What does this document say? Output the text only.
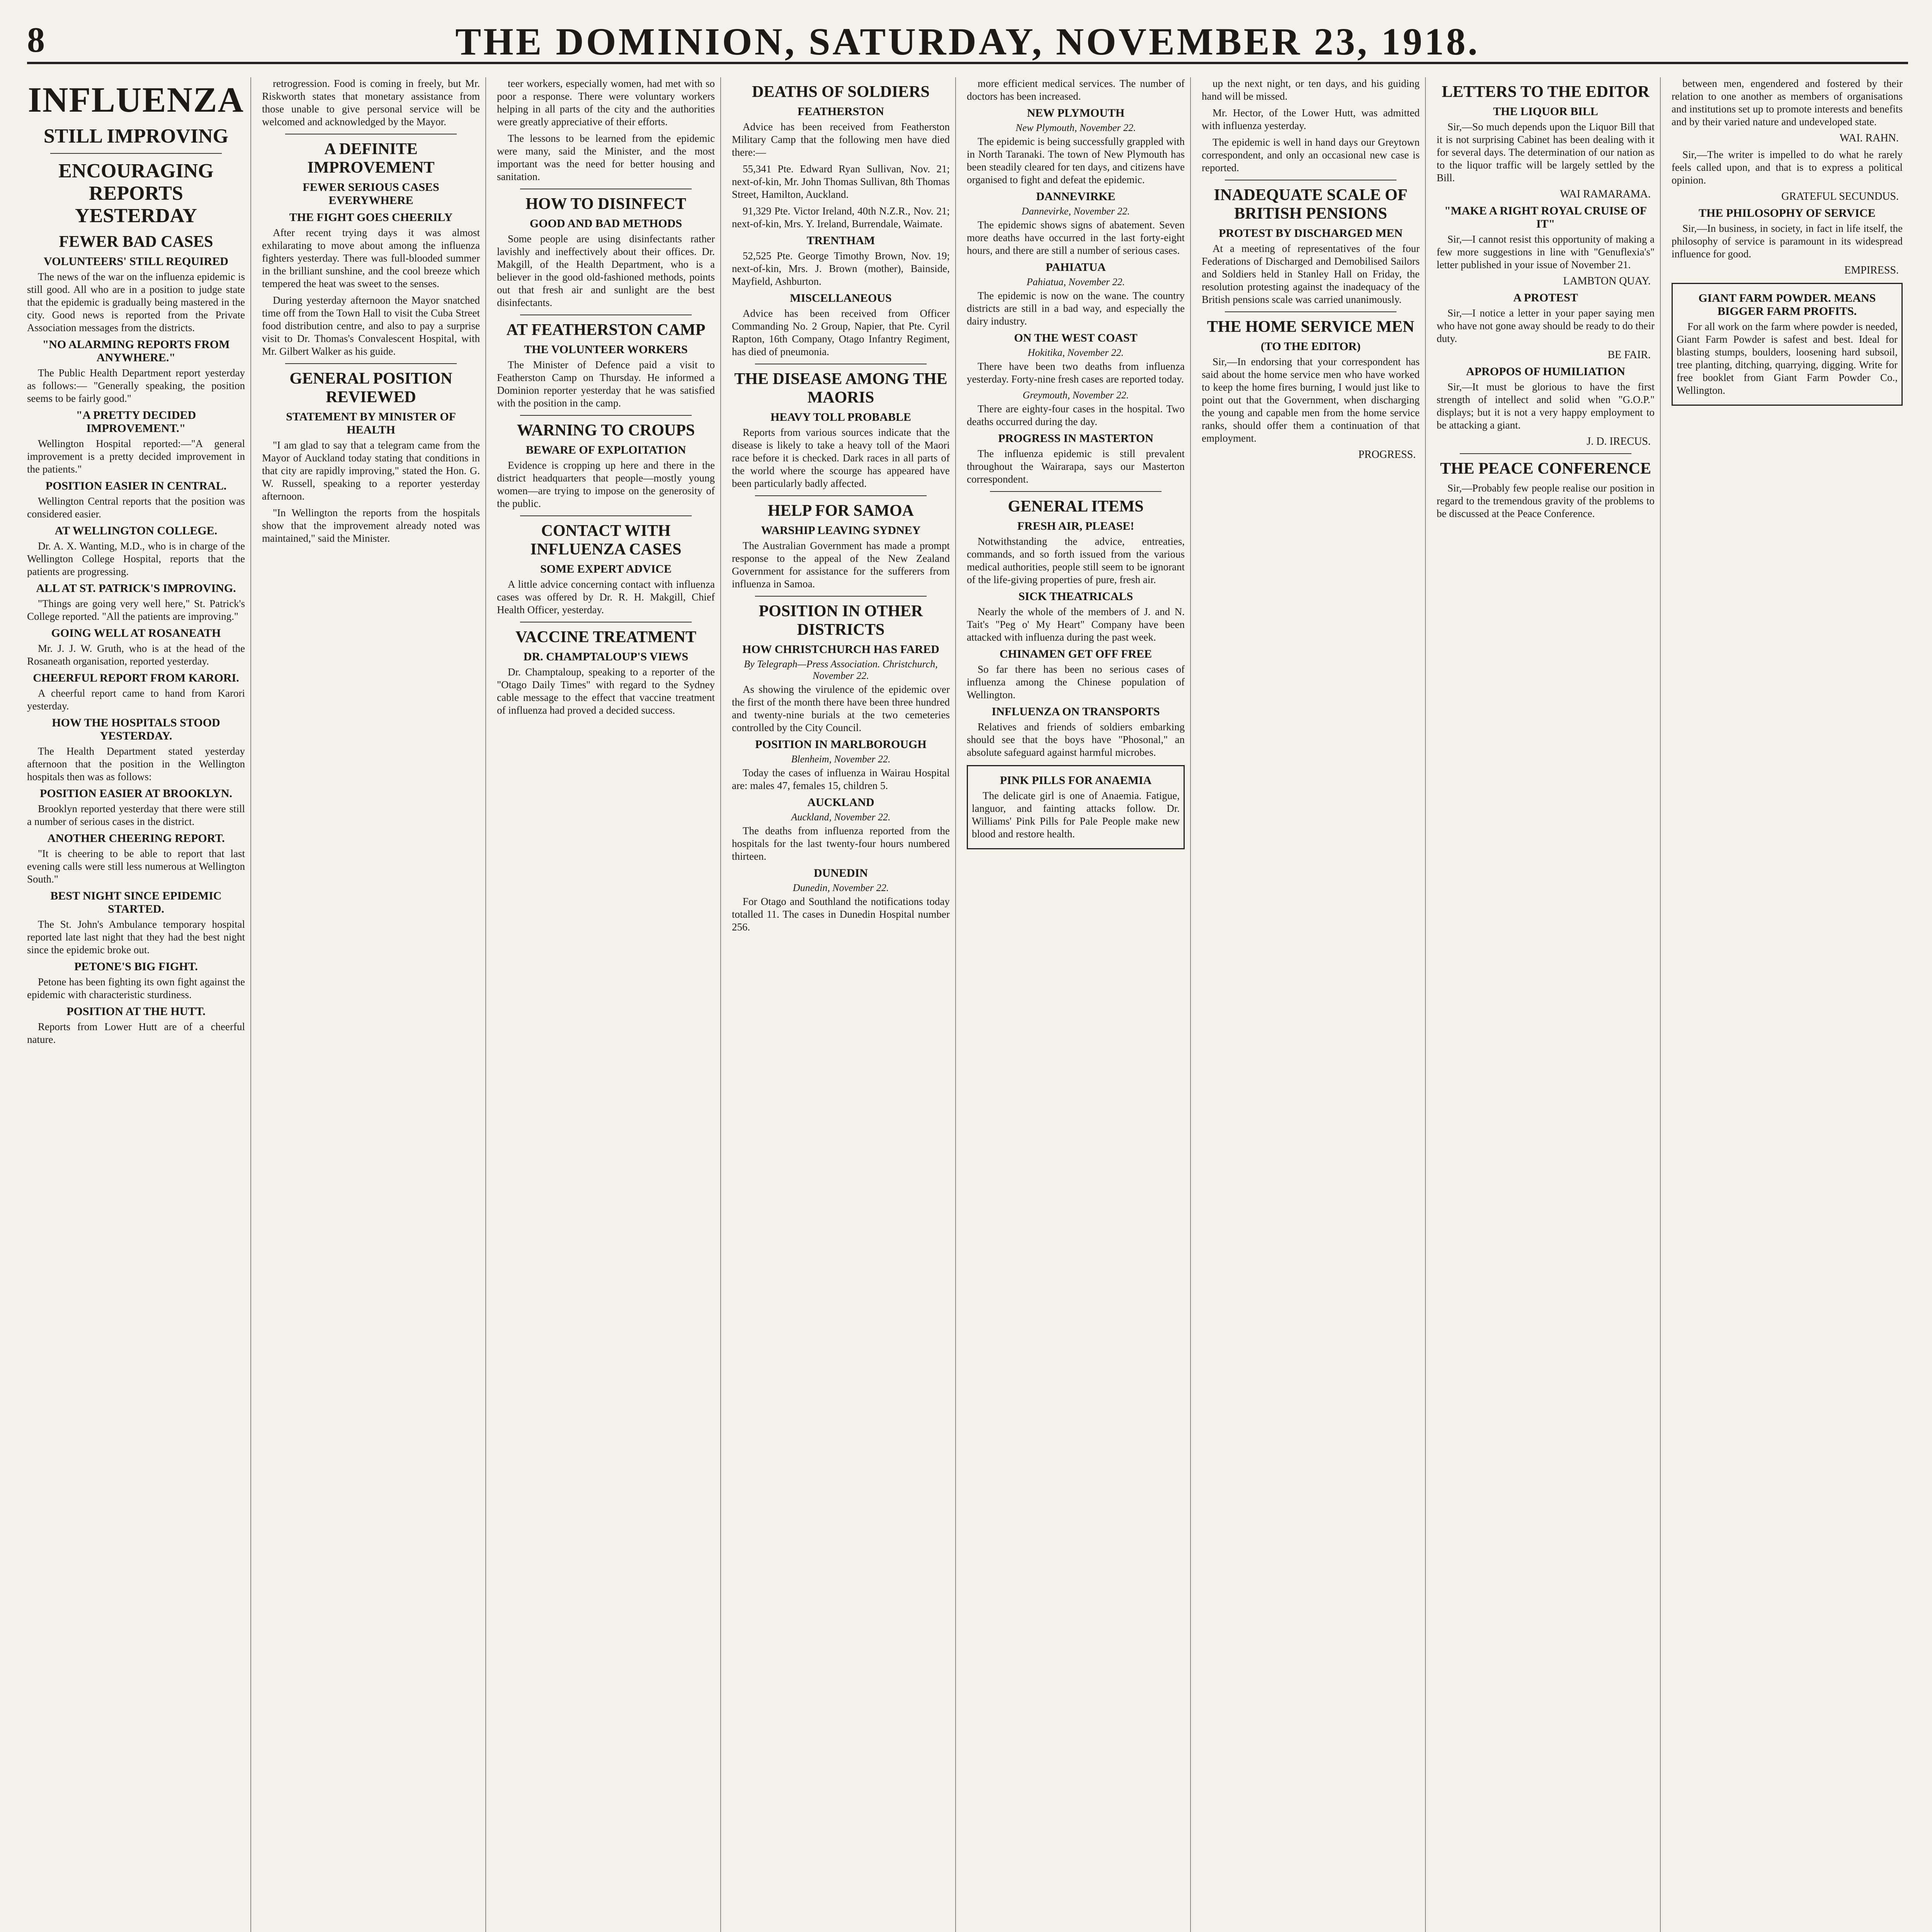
8	THE DOMINION, SATURDAY, NOVEMBER 23, 1918.
INFLUENZA
STILL IMPROVING
ENCOURAGING REPORTS YESTERDAY
FEWER BAD CASES
VOLUNTEERS' STILL REQUIRED

The news of the war on the influenza epidemic is still good. All who are in a position to judge state that the epidemic is gradually being mastered in the city. Good news is reported from the Private Association messages from the districts.

"NO ALARMING REPORTS FROM ANYWHERE."

The Public Health Department report yesterday as follows:— "Generally speaking, the position seems to be fairly good."

"A PRETTY DECIDED IMPROVEMENT."

Wellington Hospital reported:—"A general improvement is a pretty decided improvement in the patients."

POSITION EASIER IN CENTRAL.

Wellington Central reports that the position was considered easier.

AT WELLINGTON COLLEGE.

Dr. A. X. Wanting, M.D., who is in charge of the Wellington College Hospital, reports that the patients are progressing.

ALL AT ST. PATRICK'S IMPROVING.

"Things are going very well here," St. Patrick's College reported. "All the patients are improving."

GOING WELL AT ROSANEATH

Mr. J. J. W. Gruth, who is at the head of the Rosaneath organisation, reported yesterday.

CHEERFUL REPORT FROM KARORI.

A cheerful report came to hand from Karori yesterday.

HOW THE HOSPITALS STOOD YESTERDAY.

The Health Department stated yesterday afternoon that the position in the Wellington hospitals then was as follows:

POSITION EASIER AT BROOKLYN.

Brooklyn reported yesterday that there were still a number of serious cases in the district.

ANOTHER CHEERING REPORT.

"It is cheering to be able to report that last evening calls were still less numerous at Wellington South."

BEST NIGHT SINCE EPIDEMIC STARTED.

The St. John's Ambulance temporary hospital reported late last night that they had the best night since the epidemic broke out.

PETONE'S BIG FIGHT.

Petone has been fighting its own fight against the epidemic with characteristic sturdiness.

POSITION AT THE HUTT.

Reports from Lower Hutt are of a cheerful nature.

retrogression. Food is coming in freely, but Mr. Riskworth states that monetary assistance from those unable to give personal service will be welcomed and acknowledged by the Mayor.

A DEFINITE IMPROVEMENT
FEWER SERIOUS CASES EVERYWHERE
THE FIGHT GOES CHEERILY

After recent trying days it was almost exhilarating to move about among the influenza fighters yesterday. There was full-blooded summer in the brilliant sunshine, and the cool breeze which tempered the heat was sweet to the senses.

During yesterday afternoon the Mayor snatched time off from the Town Hall to visit the Cuba Street food distribution centre, and also to pay a surprise visit to Dr. Thomas's Convalescent Hospital, with Mr. Gilbert Walker as his guide.

GENERAL POSITION REVIEWED
STATEMENT BY MINISTER OF HEALTH

"I am glad to say that a telegram came from the Mayor of Auckland today stating that conditions in that city are rapidly improving," stated the Hon. G. W. Russell, speaking to a reporter yesterday afternoon.

"In Wellington the reports from the hospitals show that the improvement already noted was maintained," said the Minister.

teer workers, especially women, had met with so poor a response. There were voluntary workers helping in all parts of the city and the authorities were greatly appreciative of their efforts.

The lessons to be learned from the epidemic were many, said the Minister, and the most important was the need for better housing and sanitation.

HOW TO DISINFECT
GOOD AND BAD METHODS

Some people are using disinfectants rather lavishly and ineffectively about their offices. Dr. Makgill, of the Health Department, who is a believer in the good old-fashioned methods, points out that fresh air and sunlight are the best disinfectants.

AT FEATHERSTON CAMP
THE VOLUNTEER WORKERS

The Minister of Defence paid a visit to Featherston Camp on Thursday. He informed a Dominion reporter yesterday that he was satisfied with the position in the camp.

WARNING TO CROUPS
BEWARE OF EXPLOITATION

Evidence is cropping up here and there in the district headquarters that people—mostly young women—are trying to impose on the generosity of the public.

CONTACT WITH INFLUENZA CASES
SOME EXPERT ADVICE

A little advice concerning contact with influenza cases was offered by Dr. R. H. Makgill, Chief Health Officer, yesterday.

VACCINE TREATMENT
DR. CHAMPTALOUP'S VIEWS

Dr. Champtaloup, speaking to a reporter of the "Otago Daily Times" with regard to the Sydney cable message to the effect that vaccine treatment of influenza had proved a decided success.

DEATHS OF SOLDIERS
FEATHERSTON

Advice has been received from Featherston Military Camp that the following men have died there:—

55,341 Pte. Edward Ryan Sullivan, Nov. 21; next-of-kin, Mr. John Thomas Sullivan, 8th Thomas Street, Hamilton, Auckland.

91,329 Pte. Victor Ireland, 40th N.Z.R., Nov. 21; next-of-kin, Mrs. Y. Ireland, Burrendale, Waimate.

TRENTHAM

52,525 Pte. George Timothy Brown, Nov. 19; next-of-kin, Mrs. J. Brown (mother), Bainside, Mayfield, Ashburton.

MISCELLANEOUS

Advice has been received from Officer Commanding No. 2 Group, Napier, that Pte. Cyril Rapton, 16th Company, Otago Infantry Regiment, has died of pneumonia.

THE DISEASE AMONG THE MAORIS
HEAVY TOLL PROBABLE

Reports from various sources indicate that the disease is likely to take a heavy toll of the Maori race before it is checked. Dark races in all parts of the world where the scourge has appeared have been particularly badly affected.

HELP FOR SAMOA
WARSHIP LEAVING SYDNEY

The Australian Government has made a prompt response to the appeal of the New Zealand Government for assistance for the sufferers from influenza in Samoa.

POSITION IN OTHER DISTRICTS
HOW CHRISTCHURCH HAS FARED
By Telegraph—Press Association. Christchurch, November 22.

As showing the virulence of the epidemic over the first of the month there have been three hundred and twenty-nine burials at the two cemeteries controlled by the City Council.

POSITION IN MARLBOROUGH
Blenheim, November 22.

Today the cases of influenza in Wairau Hospital are: males 47, females 15, children 5.

AUCKLAND
Auckland, November 22.

The deaths from influenza reported from the hospitals for the last twenty-four hours numbered thirteen.

DUNEDIN
Dunedin, November 22.

For Otago and Southland the notifications today totalled 11. The cases in Dunedin Hospital number 256.

more efficient medical services. The number of doctors has been increased.

NEW PLYMOUTH
New Plymouth, November 22.

The epidemic is being successfully grappled with in North Taranaki. The town of New Plymouth has been steadily cleared for ten days, and citizens have organised to fight and defeat the epidemic.

DANNEVIRKE
Dannevirke, November 22.

The epidemic shows signs of abatement. Seven more deaths have occurred in the last forty-eight hours, and there are still a number of serious cases.

PAHIATUA
Pahiatua, November 22.

The epidemic is now on the wane. The country districts are still in a bad way, and especially the dairy industry.

ON THE WEST COAST
Hokitika, November 22.

There have been two deaths from influenza yesterday. Forty-nine fresh cases are reported today.

Greymouth, November 22.

There are eighty-four cases in the hospital. Two deaths occurred during the day.

PROGRESS IN MASTERTON

The influenza epidemic is still prevalent throughout the Wairarapa, says our Masterton correspondent.

GENERAL ITEMS
FRESH AIR, PLEASE!

Notwithstanding the advice, entreaties, commands, and so forth issued from the various medical authorities, people still seem to be ignorant of the life-giving properties of pure, fresh air.

SICK THEATRICALS

Nearly the whole of the members of J. and N. Tait's "Peg o' My Heart" Company have been attacked with influenza during the past week.

CHINAMEN GET OFF FREE

So far there has been no serious cases of influenza among the Chinese population of Wellington.

INFLUENZA ON TRANSPORTS

Relatives and friends of soldiers embarking should see that the boys have "Phosonal," an absolute safeguard against harmful microbes.

PINK PILLS FOR ANAEMIA

The delicate girl is one of Anaemia. Fatigue, languor, and fainting attacks follow. Dr. Williams' Pink Pills for Pale People make new blood and restore health.

up the next night, or ten days, and his guiding hand will be missed.

Mr. Hector, of the Lower Hutt, was admitted with influenza yesterday.

The epidemic is well in hand days our Greytown correspondent, and only an occasional new case is reported.

INADEQUATE SCALE OF BRITISH PENSIONS
PROTEST BY DISCHARGED MEN

At a meeting of representatives of the four Federations of Discharged and Demobilised Sailors and Soldiers held in Stanley Hall on Friday, the resolution protesting against the inadequacy of the British pensions scale was carried unanimously.

THE HOME SERVICE MEN
(TO THE EDITOR)

Sir,—In endorsing that your correspondent has said about the home service men who have worked to keep the home fires burning, I would just like to point out that the Government, when discharging the young and capable men from the home service ranks, should offer them a continuation of that employment.

PROGRESS.
LETTERS TO THE EDITOR
THE LIQUOR BILL

Sir,—So much depends upon the Liquor Bill that it is not surprising Cabinet has been dealing with it for several days. The determination of our nation as to the liquor traffic will be largely settled by the Bill.

WAI RAMARAMA.
"MAKE A RIGHT ROYAL CRUISE OF IT"

Sir,—I cannot resist this opportunity of making a few more suggestions in line with "Genuflexia's" letter published in your issue of November 21.

LAMBTON QUAY.
A PROTEST

Sir,—I notice a letter in your paper saying men who have not gone away should be ready to do their duty.

BE FAIR.
APROPOS OF HUMILIATION

Sir,—It must be glorious to have the first strength of intellect and solid when "G.O.P." displays; but it is not a very happy employment to be attacking a giant.

J. D. IRECUS.
THE PEACE CONFERENCE

Sir,—Probably few people realise our position in regard to the tremendous gravity of the problems to be discussed at the Peace Conference.

between men, engendered and fostered by their relation to one another as members of organisations and institutions set up to promote interests and benefits and by their varied nature and undeveloped state.

WAI. RAHN.

Sir,—The writer is impelled to do what he rarely feels called upon, and that is to express a political opinion.

GRATEFUL SECUNDUS.
THE PHILOSOPHY OF SERVICE

Sir,—In business, in society, in fact in life itself, the philosophy of service is paramount in its widespread influence for good.

EMPIRESS.
GIANT FARM POWDER. MEANS BIGGER FARM PROFITS.

For all work on the farm where powder is needed, Giant Farm Powder is safest and best. Ideal for blasting stumps, boulders, loosening hard subsoil, tree planting, ditching, quarrying, digging. Write for free booklet from Giant Farm Powder Co., Wellington.
